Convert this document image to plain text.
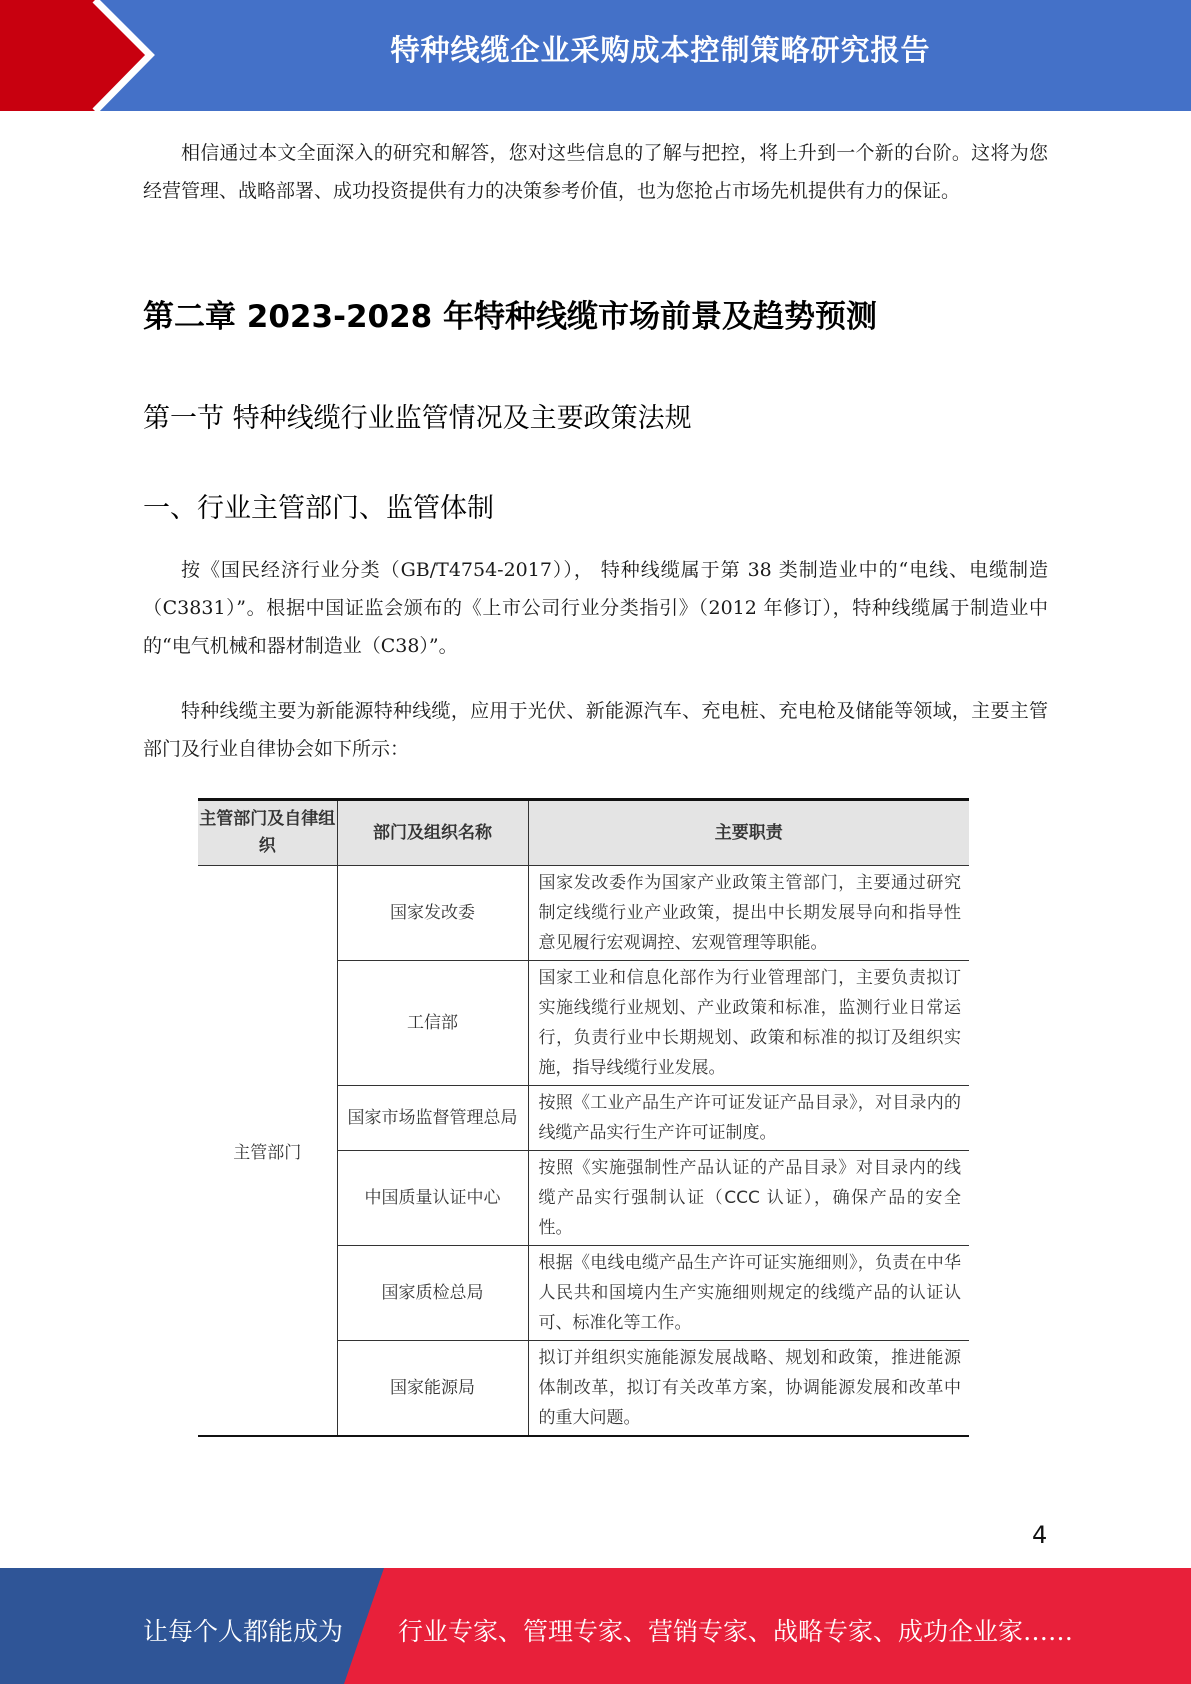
特种线缆企业采购成本控制策略研究报告

相信通过本文全面深入的研究和解答，您对这些信息的了解与把控，将上升到一个新的台阶。这将为您经营管理、战略部署、成功投资提供有力的决策参考价值，也为您抢占市场先机提供有力的保证。

第二章 2023-2028 年特种线缆市场前景及趋势预测
第一节 特种线缆行业监管情况及主要政策法规
一、行业主管部门、监管体制

按《国民经济行业分类（GB/T4754-2017））， 特种线缆属于第 38 类制造业中的“电线、电缆制造（C3831）”。根据中国证监会颁布的《上市公司行业分类指引》（2012 年修订），特种线缆属于制造业中的“电气机械和器材制造业（C38）”。

特种线缆主要为新能源特种线缆，应用于光伏、新能源汽车、充电桩、充电枪及储能等领域，主要主管部门及行业自律协会如下所示：

主管部门及自律组织	部门及组织名称	主要职责
主管部门	国家发改委	国家发改委作为国家产业政策主管部门，主要通过研究制定线缆行业产业政策，提出中长期发展导向和指导性意见履行宏观调控、宏观管理等职能。
	工信部	国家工业和信息化部作为行业管理部门，主要负责拟订实施线缆行业规划、产业政策和标准，监测行业日常运行，负责行业中长期规划、政策和标准的拟订及组织实施，指导线缆行业发展。
	国家市场监督管理总局	按照《工业产品生产许可证发证产品目录》，对目录内的线缆产品实行生产许可证制度。
	中国质量认证中心	按照《实施强制性产品认证的产品目录》对目录内的线缆产品实行强制认证（CCC 认证），确保产品的安全性。
	国家质检总局	根据《电线电缆产品生产许可证实施细则》，负责在中华人民共和国境内生产实施细则规定的线缆产品的认证认可、标准化等工作。
	国家能源局	拟订并组织实施能源发展战略、规划和政策，推进能源体制改革，拟订有关改革方案，协调能源发展和改革中的重大问题。
4
让每个人都能成为 行业专家、管理专家、营销专家、战略专家、成功企业家……
